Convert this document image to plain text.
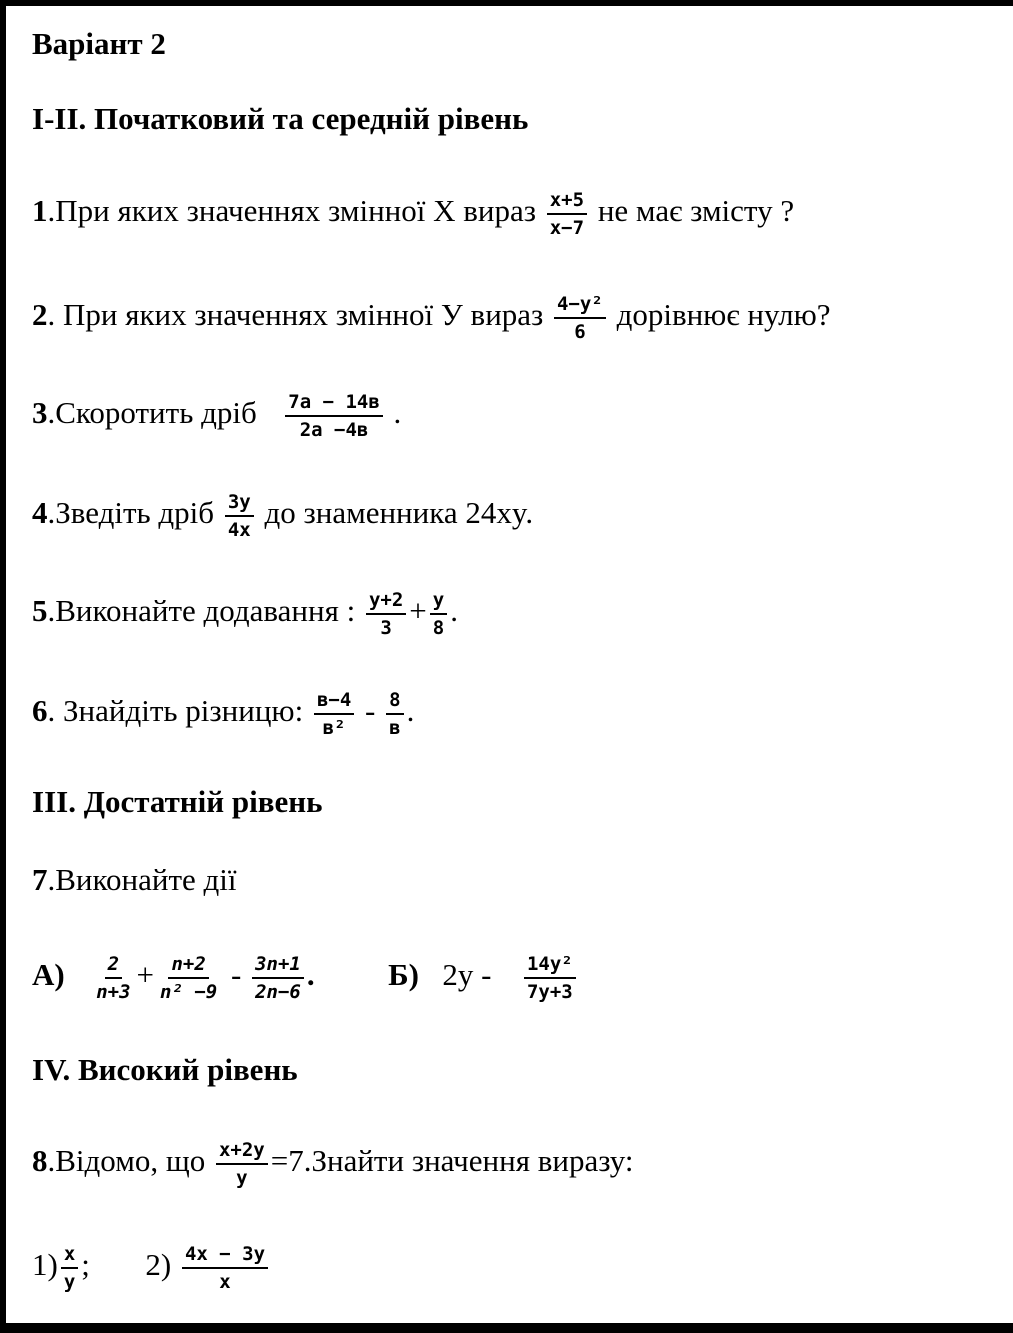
Варіант 2
I-II. Початковий та середній рівень
1.При яких значеннях змінної X вираз $\frac{x+5}{x-7}$ не має змісту ?
2. При яких значеннях змінної У вираз $\frac{\text{4−y²}}{6}$ дорівнює нулю?
3.Скоротить дріб $\frac{7a - 14в}{2a -4в}$ .
4.Зведіть дріб $\frac{3y}{4x}$ до знаменника 24xy.
5.Виконайте додавання : $\frac{y+2}{3} + \frac{y}{8}$ .
6. Знайдіть різницю: $\frac{в-4}{\text{в²}} - \frac{8}{в}$ .
III. Достатній рівень
7.Виконайте дії
$А) \frac{2}{n+3} + \frac{n+2}{\text{n² −9}} - \frac{3n+1}{2n-6}$ . Б) $2y - \frac{\text{14y²}}{7y+3}$
IV. Високий рівень
8.Відомо, що $\frac{x+2y}{y}$ =7.Знайти значення виразу:
$1) \frac{x}{y}$ ; $2) \frac{4x - 3y}{x}$
